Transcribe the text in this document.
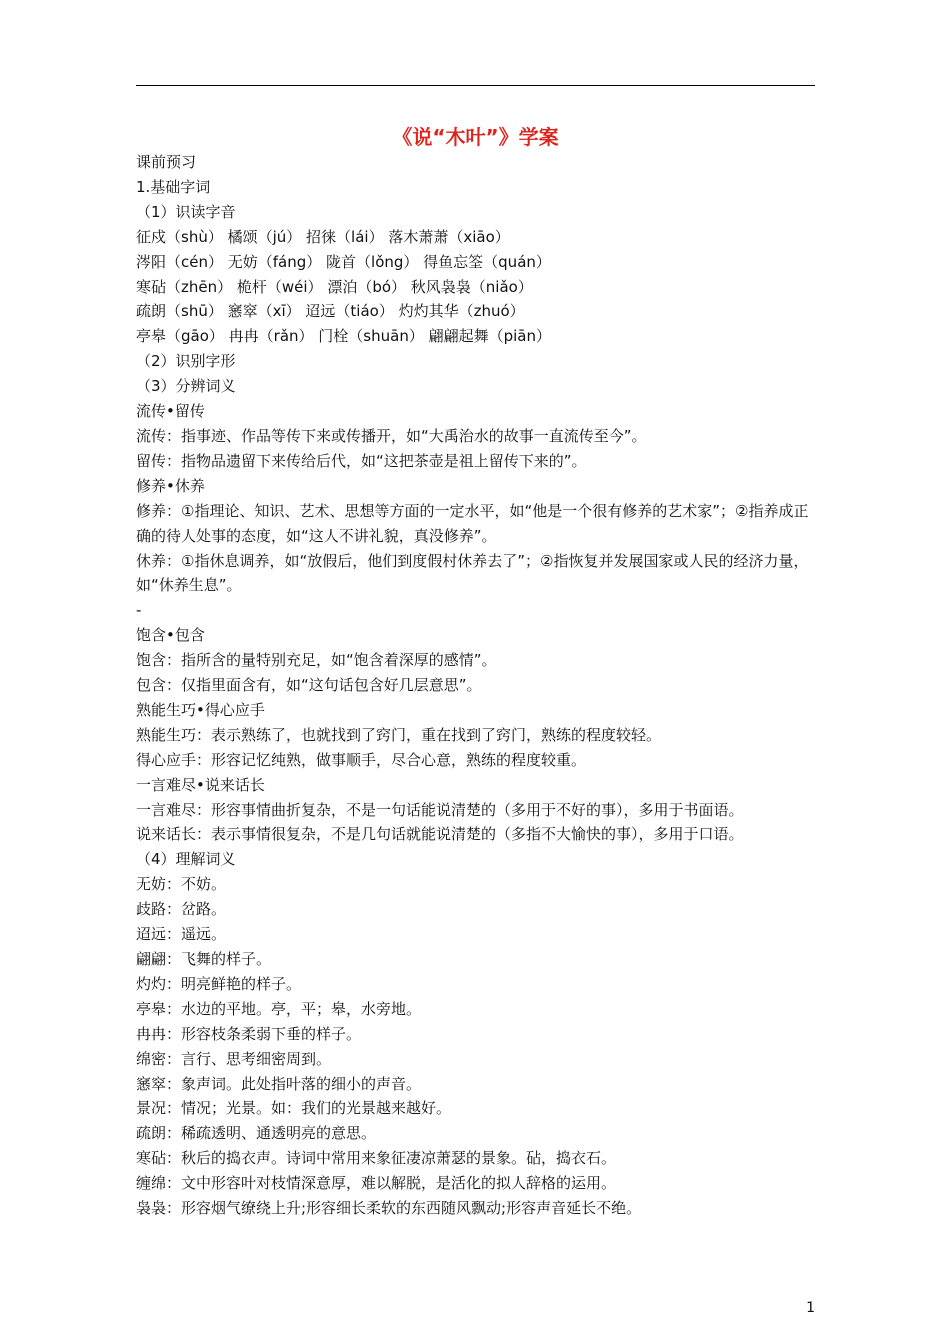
《说“木叶”》学案
课前预习
1.基础字词
（1）识读字音
征戍（shù） 橘颂（jú） 招徕（lái） 落木萧萧（xiāo）
涔阳（cén） 无妨（fáng） 陇首（lǒng） 得鱼忘筌（quán）
寒砧（zhēn） 桅杆（wéi） 漂泊（bó） 秋风袅袅（niǎo）
疏朗（shū） 窸窣（xī） 迢远（tiáo） 灼灼其华（zhuó）
亭皋（gāo） 冉冉（rǎn） 门栓（shuān） 翩翩起舞（piān）
（2）识别字形
（3）分辨词义
流传•留传
流传：指事迹、作品等传下来或传播开，如“大禹治水的故事一直流传至今”。
留传：指物品遗留下来传给后代，如“这把茶壶是祖上留传下来的”。
修养•休养
修养：①指理论、知识、艺术、思想等方面的一定水平，如“他是一个很有修养的艺术家”；②指养成正确的待人处事的态度，如“这人不讲礼貌，真没修养”。
休养：①指休息调养，如“放假后，他们到度假村休养去了”；②指恢复并发展国家或人民的经济力量，如“休养生息”。
-
饱含•包含
饱含：指所含的量特别充足，如“饱含着深厚的感情”。
包含：仅指里面含有，如“这句话包含好几层意思”。
熟能生巧•得心应手
熟能生巧：表示熟练了，也就找到了窍门，重在找到了窍门，熟练的程度较轻。
得心应手：形容记忆纯熟，做事顺手，尽合心意，熟练的程度较重。
一言难尽•说来话长
一言难尽：形容事情曲折复杂，不是一句话能说清楚的（多用于不好的事），多用于书面语。
说来话长：表示事情很复杂，不是几句话就能说清楚的（多指不大愉快的事），多用于口语。
（4）理解词义
无妨：不妨。
歧路：岔路。
迢远：遥远。
翩翩：飞舞的样子。
灼灼：明亮鲜艳的样子。
亭皋：水边的平地。亭，平；皋，水旁地。
冉冉：形容枝条柔弱下垂的样子。
绵密：言行、思考细密周到。
窸窣：象声词。此处指叶落的细小的声音。
景况：情况；光景。如：我们的光景越来越好。
疏朗：稀疏透明、通透明亮的意思。
寒砧：秋后的捣衣声。诗词中常用来象征凄凉萧瑟的景象。砧，捣衣石。
缠绵：文中形容叶对枝情深意厚，难以解脱，是活化的拟人辞格的运用。
袅袅：形容烟气缭绕上升;形容细长柔软的东西随风飘动;形容声音延长不绝。
1
